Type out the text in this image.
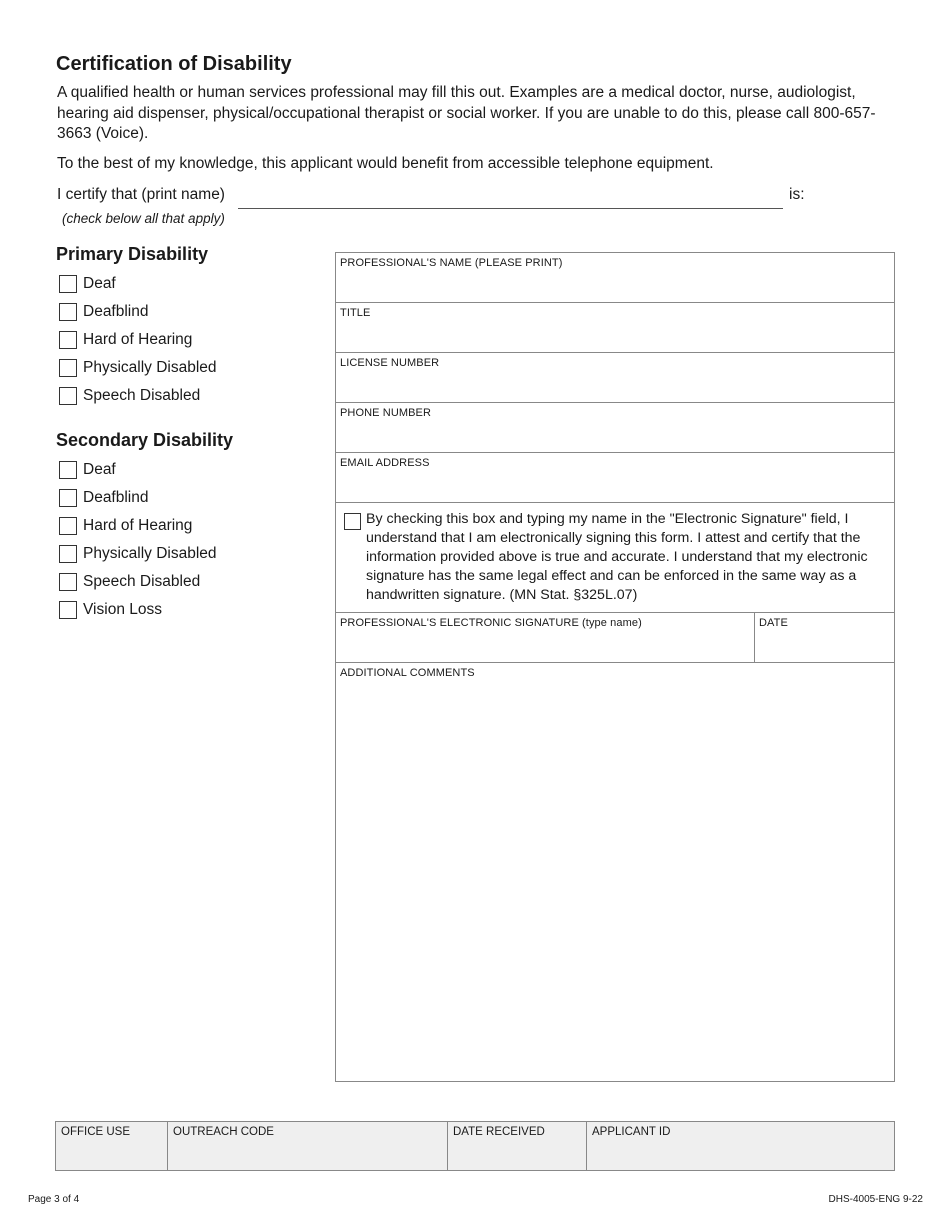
Certification of Disability
A qualified health or human services professional may fill this out. Examples are a medical doctor, nurse, audiologist, hearing aid dispenser, physical/occupational therapist or social worker. If you are unable to do this, please call 800-657-3663 (Voice).
To the best of my knowledge, this applicant would benefit from accessible telephone equipment.
I certify that (print name)	is:
(check below all that apply)
Primary Disability
Deaf
Deafblind
Hard of Hearing
Physically Disabled
Speech Disabled
Secondary Disability
Deaf
Deafblind
Hard of Hearing
Physically Disabled
Speech Disabled
Vision Loss
PROFESSIONAL'S NAME (PLEASE PRINT)
TITLE
LICENSE NUMBER
PHONE NUMBER
EMAIL ADDRESS
By checking this box and typing my name in the "Electronic Signature" field, I understand that I am electronically signing this form. I attest and certify that the information provided above is true and accurate. I understand that my electronic signature has the same legal effect and can be enforced in the same way as a handwritten signature. (MN Stat. §325L.07)
PROFESSIONAL'S ELECTRONIC SIGNATURE (type name)	DATE
ADDITIONAL COMMENTS
OFFICE USE	OUTREACH CODE	DATE RECEIVED	APPLICANT ID
Page 3 of 4	DHS-4005-ENG 9-22
